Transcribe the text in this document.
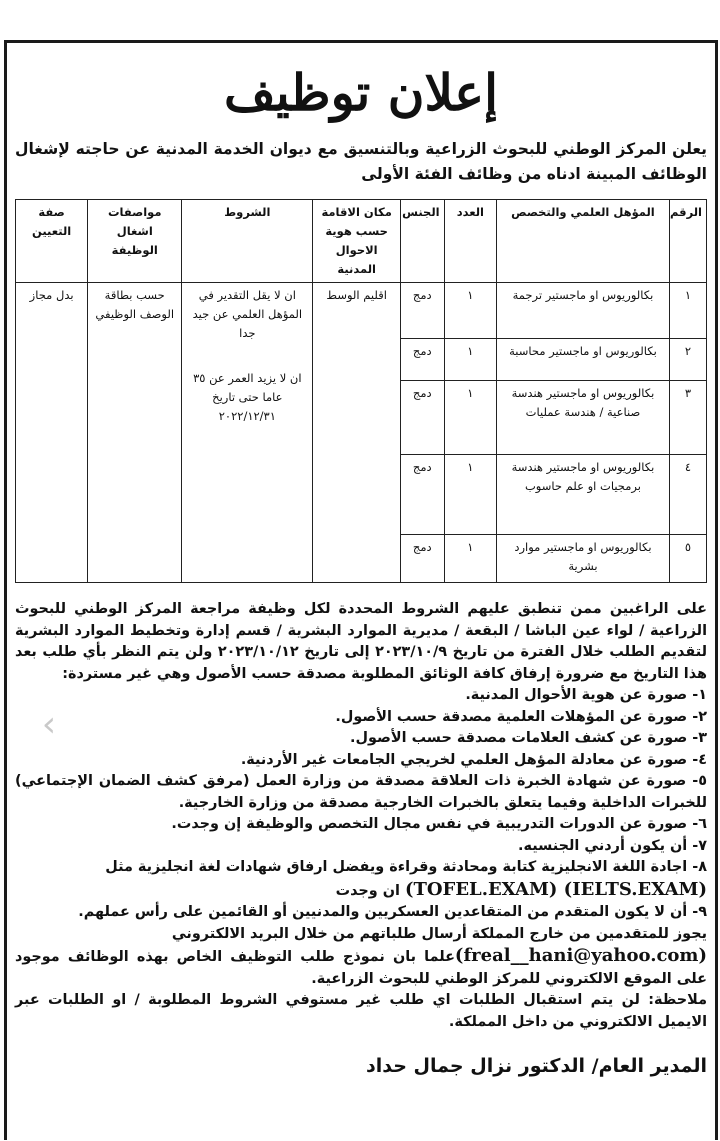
إعلان توظيف

يعلن المركز الوطني للبحوث الزراعية وبالتنسيق مع ديوان الخدمة المدنية عن حاجته لإشغال الوظائف المبينة ادناه من وظائف الفئة الأولى

الرقم	المؤهل العلمي والتخصص	العدد	الجنس	مكان الاقامة حسب هوية الاحوال المدنية	الشروط	مواصفات اشغال الوظيفة	صفة التعيين
١	بكالوريوس او ماجستير ترجمة	١	دمج	اقليم الوسط	ان لا يقل التقدير في المؤهل العلمي عن جيد جدا
ان لا يزيد العمر عن ٣٥ عاما حتى تاريخ ٢٠٢٢/١٢/٣١	حسب بطاقة الوصف الوظيفي	بدل مجاز
٢	بكالوريوس او ماجستير محاسبة	١	دمج				
٣	بكالوريوس او ماجستير هندسة صناعية / هندسة عمليات	١	دمج				
٤	بكالوريوس او ماجستير هندسة برمجيات او علم حاسوب	١	دمج				
٥	بكالوريوس او ماجستير موارد بشرية	١	دمج				

على الراغبين ممن تنطبق عليهم الشروط المحددة لكل وظيفة مراجعة المركز الوطني للبحوث الزراعية / لواء عين الباشا / البقعة / مديرية الموارد البشرية / قسم إدارة وتخطيط الموارد البشرية لتقديم الطلب خلال الفترة من تاريخ ٢٠٢٣/١٠/٩ إلى تاريخ ٢٠٢٣/١٠/١٢ ولن يتم النظر بأي طلب بعد هذا التاريخ مع ضرورة إرفاق كافة الوثائق المطلوبة مصدقة حسب الأصول وهي غير مستردة:

١- صورة عن هوية الأحوال المدنية.

٢- صورة عن المؤهلات العلمية مصدقة حسب الأصول.

٣- صورة عن كشف العلامات مصدقة حسب الأصول.

٤- صورة عن معادلة المؤهل العلمي لخريجي الجامعات غير الأردنية.

٥- صورة عن شهادة الخبرة ذات العلاقة مصدقة من وزارة العمل (مرفق كشف الضمان الإجتماعي) للخبرات الداخلية وفيما يتعلق بالخبرات الخارجية مصدقة من وزارة الخارجية.

٦- صورة عن الدورات التدريبية في نفس مجال التخصص والوظيفة إن وجدت.

٧- أن يكون أردني الجنسيه.

٨- اجادة اللغة الانجليزية كتابة ومحادثة وقراءة ويفضل ارفاق شهادات لغة انجليزية مثل

(TOFEL.EXAM) (IELTS.EXAM) ان وجدت

٩- أن لا يكون المتقدم من المتقاعدين العسكريين والمدنيين أو القائمين على رأس عملهم.

يجوز للمتقدمين من خارج المملكة أرسال طلباتهم من خلال البريد الالكتروني

(freal__hani@yahoo.com)علما بان نموذج طلب التوظيف الخاص بهذه الوظائف موجود على الموقع الالكتروني للمركز الوطني للبحوث الزراعية.

ملاحظة: لن يتم استقبال الطلبات اي طلب غير مستوفي الشروط المطلوبة / او الطلبات عبر الايميل الالكتروني من داخل المملكة.

المدير العام/ الدكتور نزال جمال حداد
‹
